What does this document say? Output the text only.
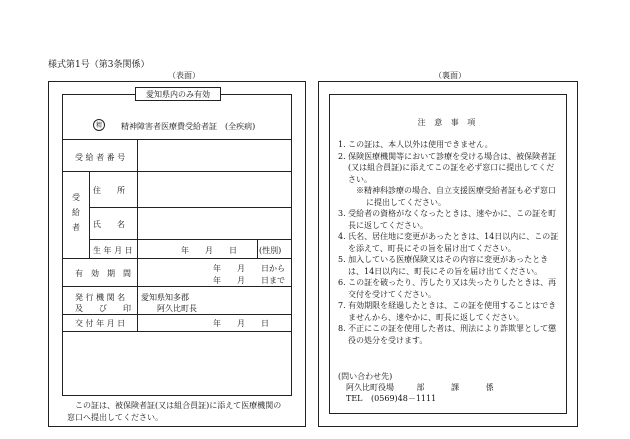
様式第1号（第3条関係）
（表面）	（裏面）
愛知県内のみ有効
精	精神障害者医療費受給者証　(全疾病)
受 給 者 番 号
受給者
住　　所
氏　　名
生 年 月 日	年　　月　　日	(性別)
有　効　期　間
年　　月　　日から
年　　月　　日まで
発 行 機 関 名
及　　び　　印
愛知県知多郡
阿久比町長
交 付 年 月 日	年　　月　　日
　この証は、被保険者証(又は組合員証)に添えて医療機関の窓口へ提出してください。
注 意 事 項
1. この証は、本人以外は使用できません。
2. 保険医療機関等において診療を受ける場合は、被保険者証(又は組合員証)に添えてこの証を必ず窓口に提出してください。
※精神科診療の場合、自立支援医療受給者証も必ず窓口に提出してください。
3. 受給者の資格がなくなったときは、速やかに、この証を町長に返してください。
4. 氏名、居住地に変更があったときは、14日以内に、この証を添えて、町長にその旨を届け出てください。
5. 加入している医療保険又はその内容に変更があったときは、14日以内に、町長にその旨を届け出てください。
6. この証を破ったり、汚したり又は失ったりしたときは、再交付を受けてください。
7. 有効期限を経過したときは、この証を使用することはできませんから、速やかに、町長に返してください。
8. 不正にこの証を使用した者は、刑法により詐欺罪として懲役の処分を受けます。
(問い合わせ先)
阿久比町役場	部	課	係
TEL (0569)48－1111
